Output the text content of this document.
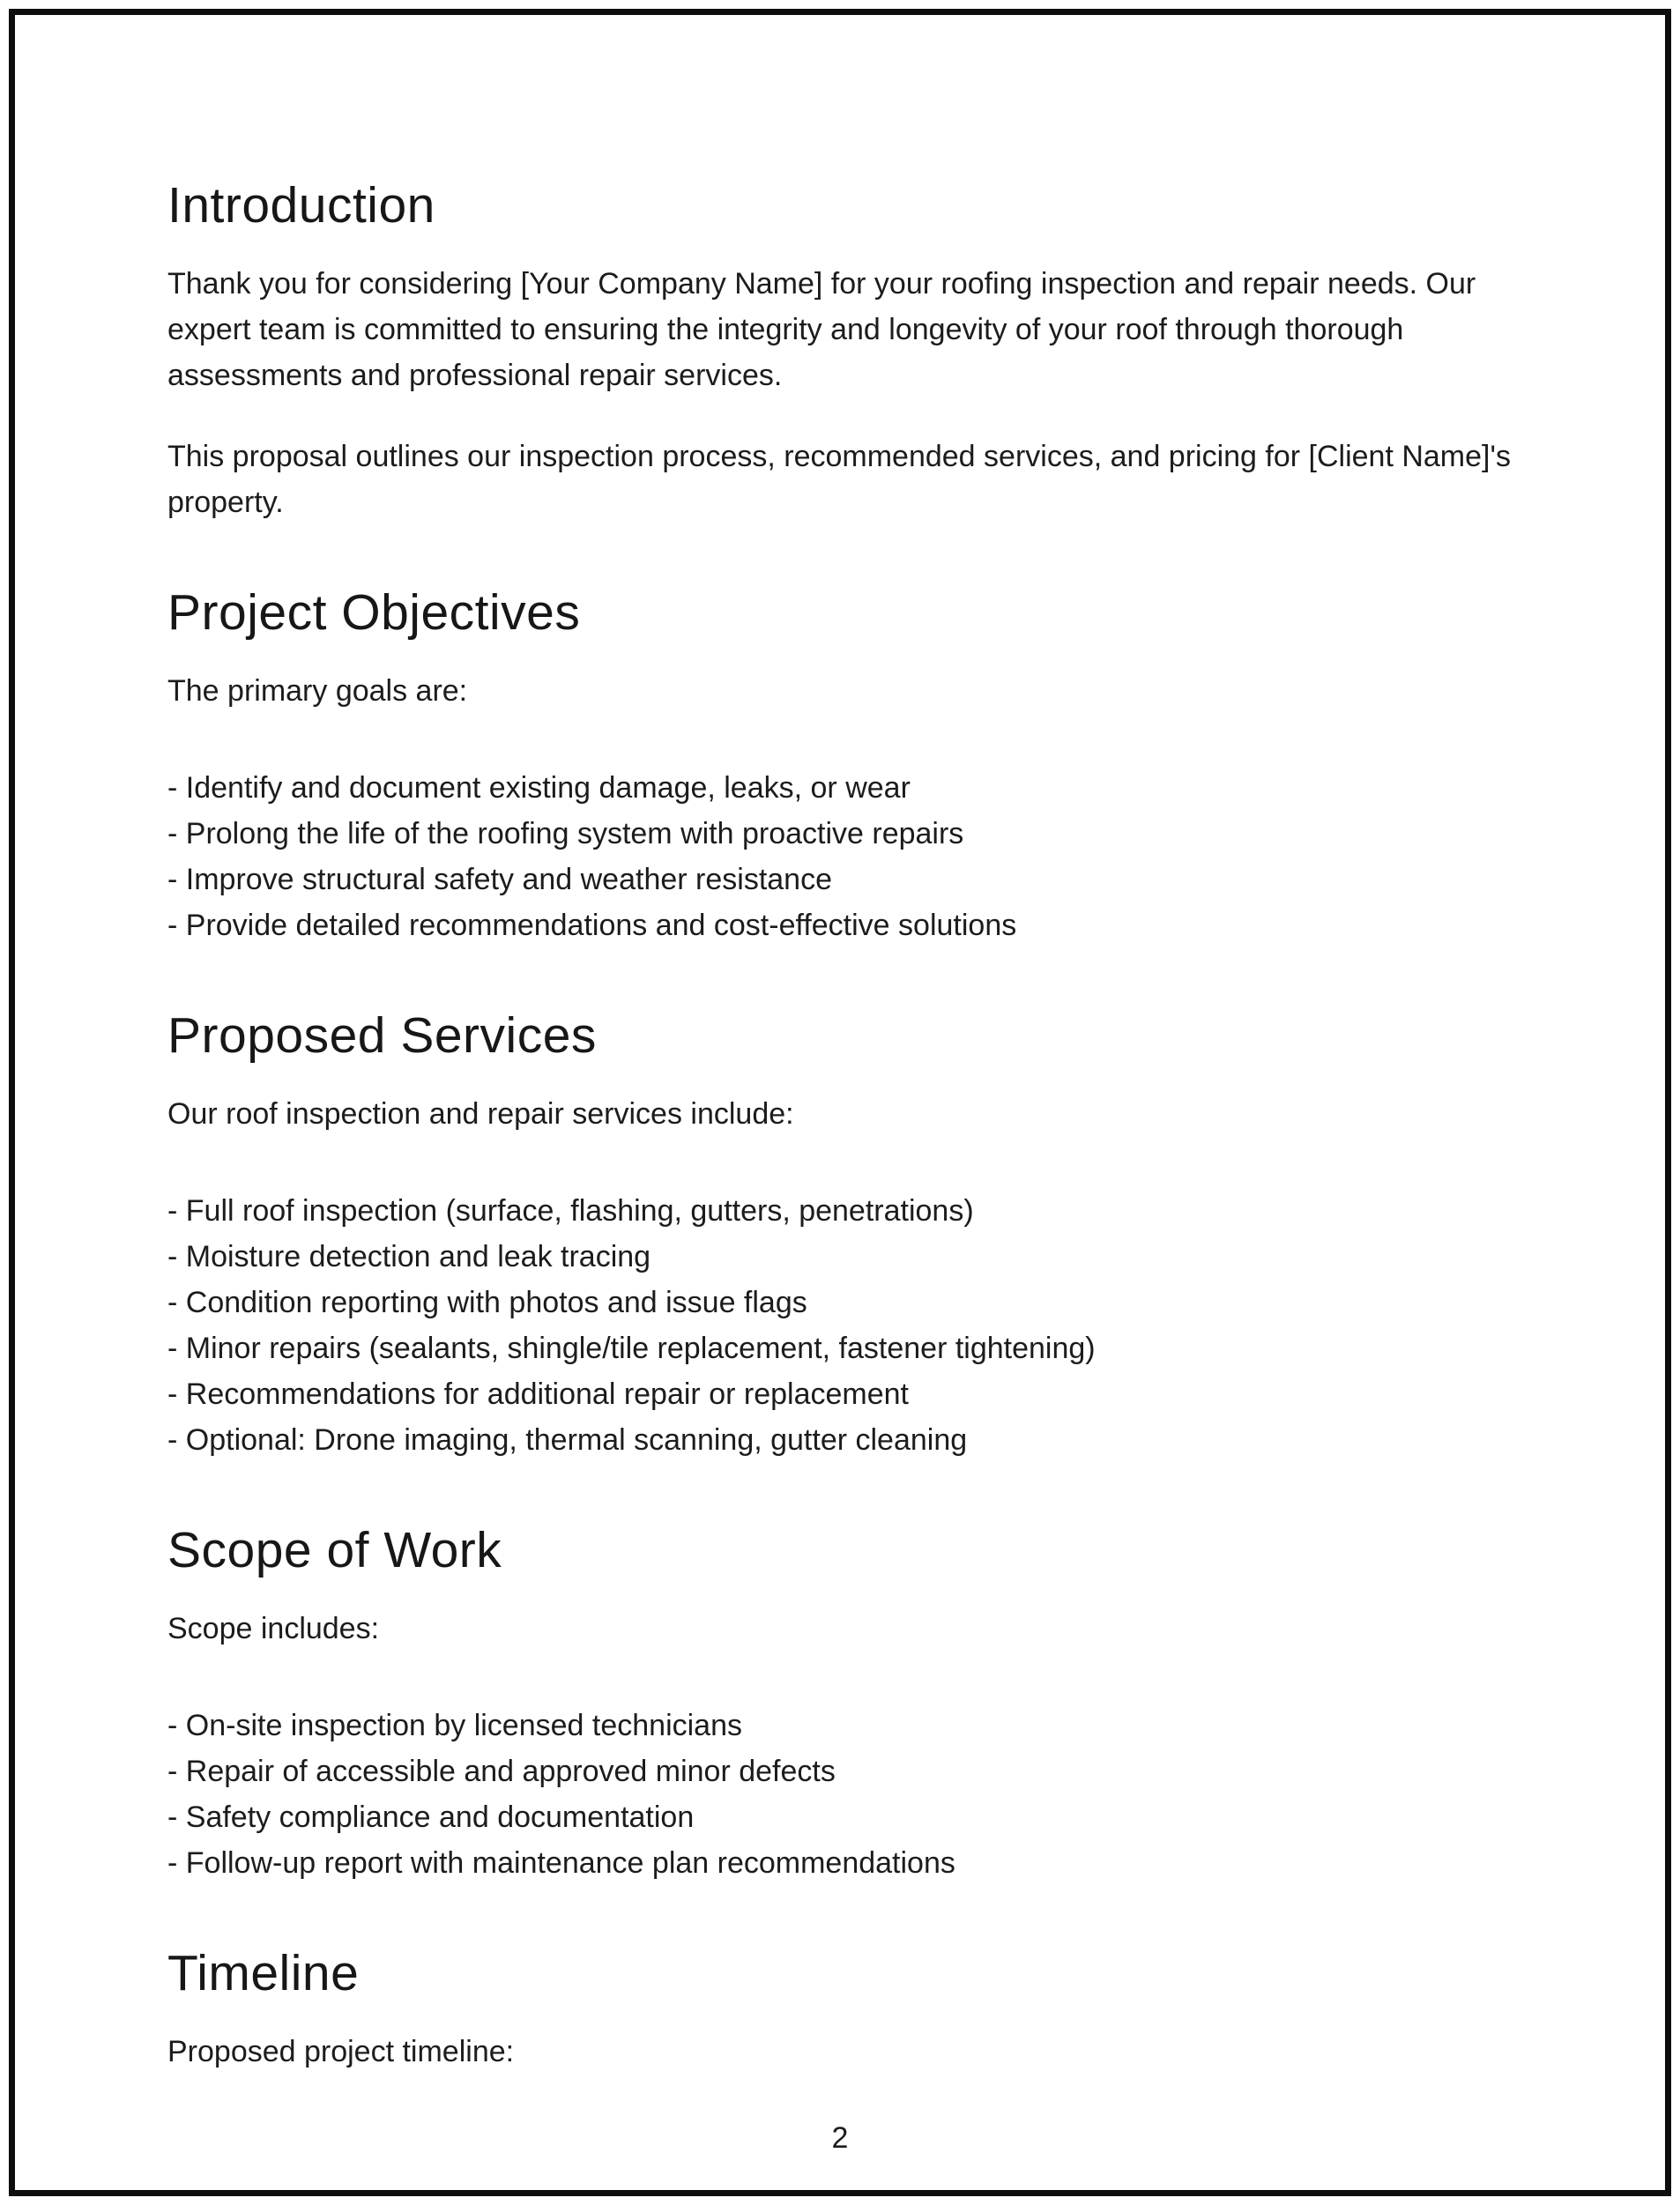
Introduction

Thank you for considering [Your Company Name] for your roofing inspection and repair needs. Our expert team is committed to ensuring the integrity and longevity of your roof through thorough assessments and professional repair services.

This proposal outlines our inspection process, recommended services, and pricing for [Client Name]'s property.

Project Objectives

The primary goals are:

- Identify and document existing damage, leaks, or wear
- Prolong the life of the roofing system with proactive repairs
- Improve structural safety and weather resistance
- Provide detailed recommendations and cost-effective solutions
Proposed Services

Our roof inspection and repair services include:

- Full roof inspection (surface, flashing, gutters, penetrations)
- Moisture detection and leak tracing
- Condition reporting with photos and issue flags
- Minor repairs (sealants, shingle/tile replacement, fastener tightening)
- Recommendations for additional repair or replacement
- Optional: Drone imaging, thermal scanning, gutter cleaning
Scope of Work

Scope includes:

- On-site inspection by licensed technicians
- Repair of accessible and approved minor defects
- Safety compliance and documentation
- Follow-up report with maintenance plan recommendations
Timeline

Proposed project timeline:

2
